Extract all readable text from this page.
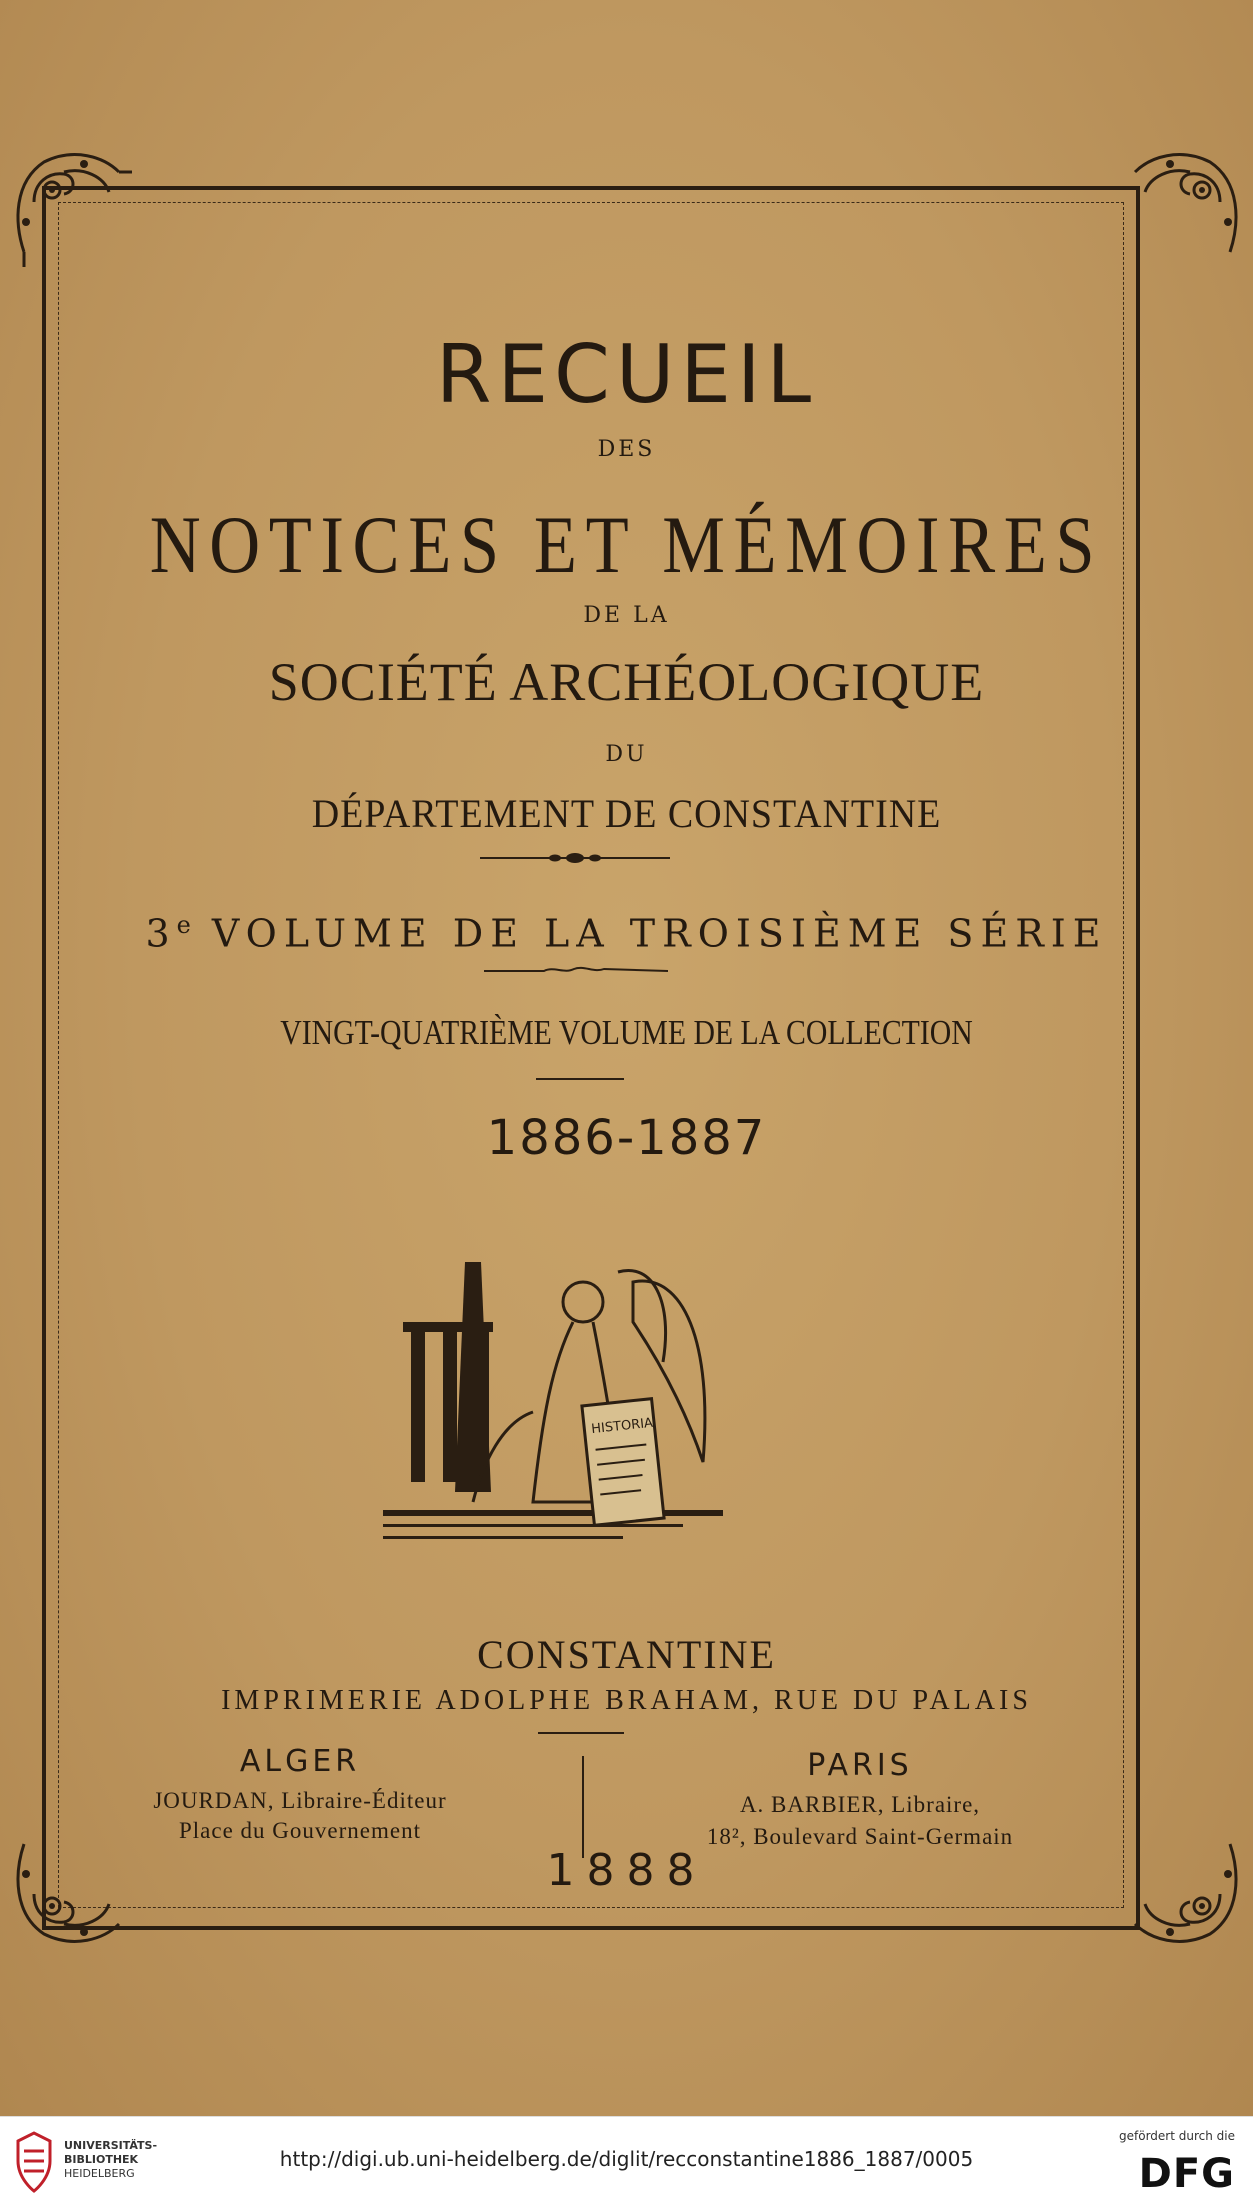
RECUEIL
DES
NOTICES ET MÉMOIRES
DE LA
SOCIÉTÉ ARCHÉOLOGIQUE
DU
DÉPARTEMENT DE CONSTANTINE
3e VOLUME DE LA TROISIÈME SÉRIE
VINGT-QUATRIÈME VOLUME DE LA COLLECTION
1886-1887
HISTORIA
CONSTANTINE
IMPRIMERIE ADOLPHE BRAHAM, RUE DU PALAIS
ALGER
JOURDAN, Libraire-Éditeur
Place du Gouvernement
PARIS
A. BARBIER, Libraire,
18², Boulevard Saint-Germain
1888
UNIVERSITÄTS-
BIBLIOTHEK
HEIDELBERG
http://digi.ub.uni-heidelberg.de/diglit/recconstantine1886_1887/0005
gefördert durch die
DFG
